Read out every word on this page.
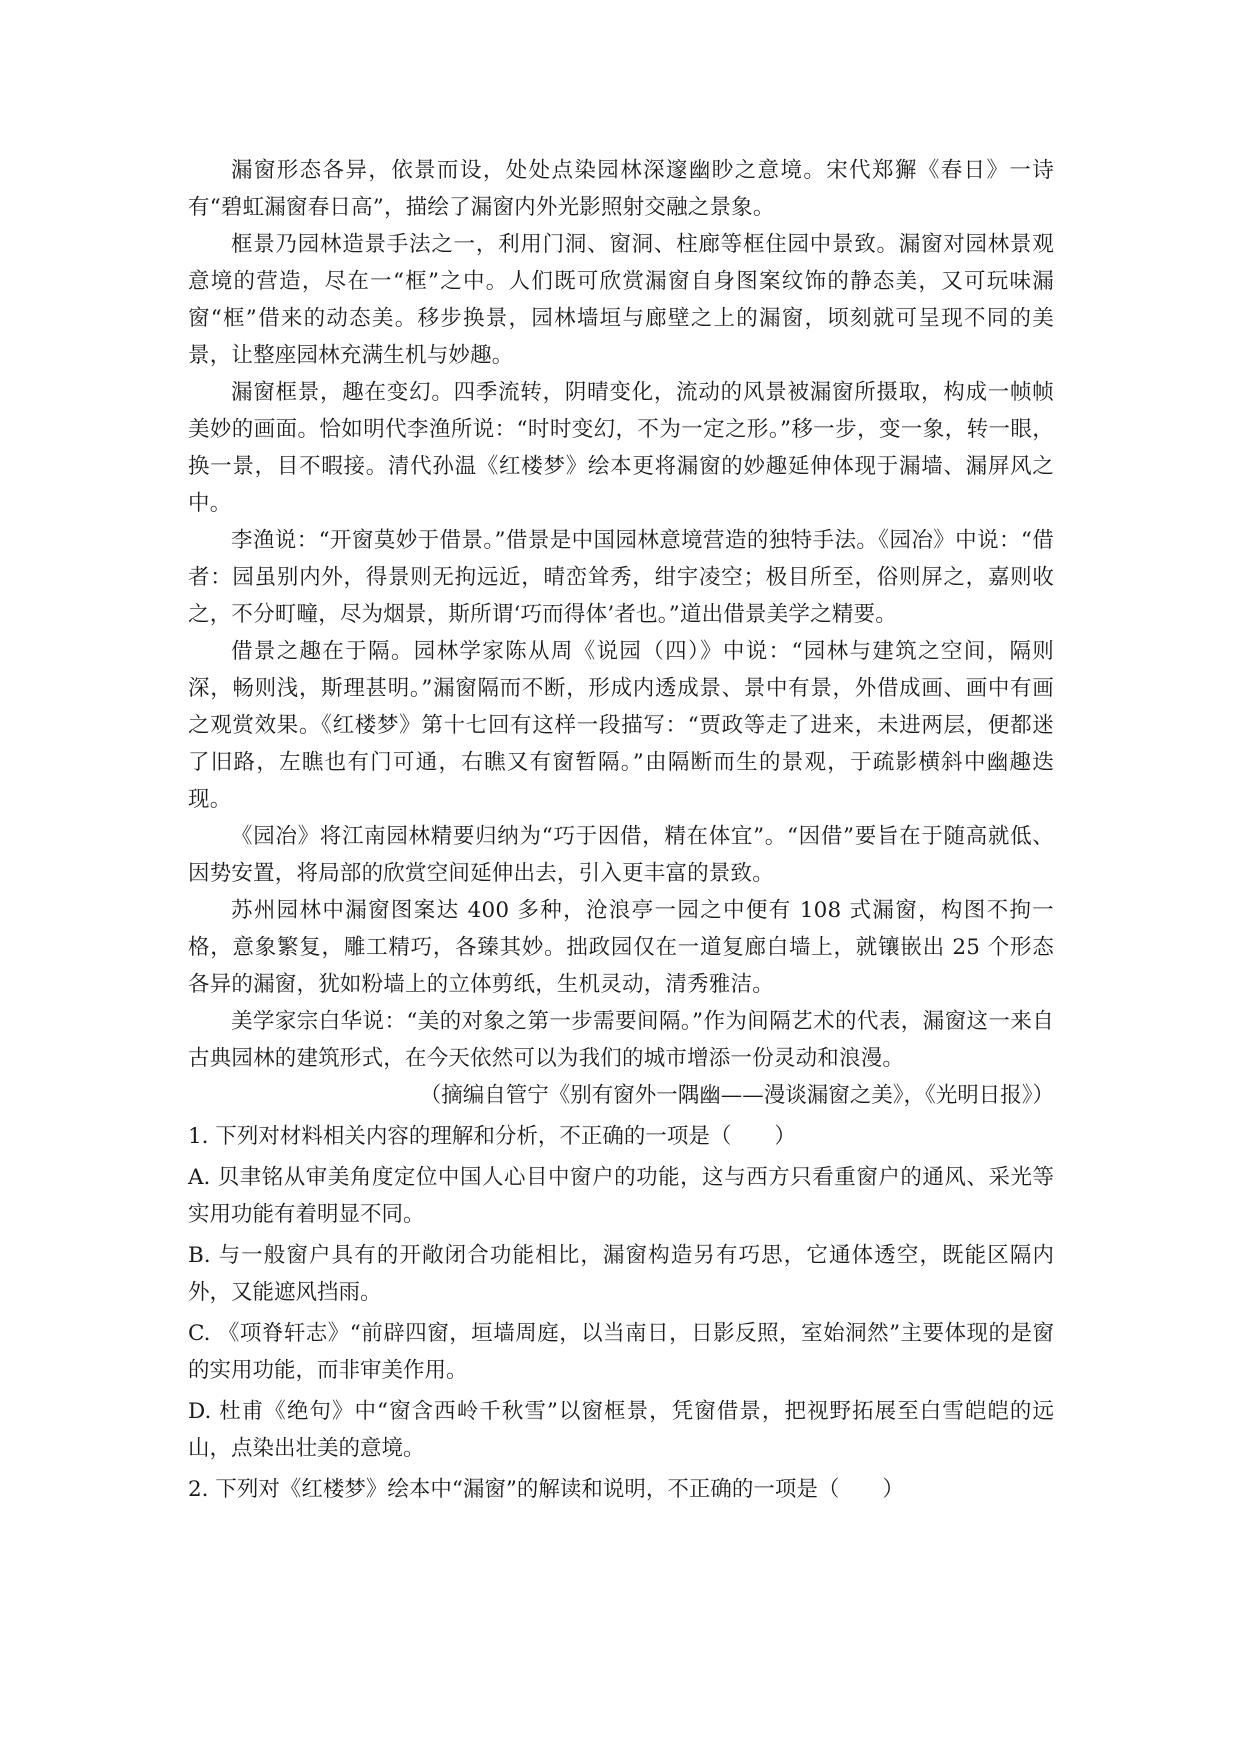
漏窗形态各异，依景而设，处处点染园林深邃幽眇之意境。宋代郑獬《春日》一诗有“碧虹漏窗春日高”，描绘了漏窗内外光影照射交融之景象。

框景乃园林造景手法之一，利用门洞、窗洞、柱廊等框住园中景致。漏窗对园林景观意境的营造，尽在一“框”之中。人们既可欣赏漏窗自身图案纹饰的静态美，又可玩味漏窗“框”借来的动态美。移步换景，园林墙垣与廊壁之上的漏窗，顷刻就可呈现不同的美景，让整座园林充满生机与妙趣。

漏窗框景，趣在变幻。四季流转，阴晴变化，流动的风景被漏窗所摄取，构成一帧帧美妙的画面。恰如明代李渔所说：“时时变幻，不为一定之形。”移一步，变一象，转一眼，换一景，目不暇接。清代孙温《红楼梦》绘本更将漏窗的妙趣延伸体现于漏墙、漏屏风之中。

李渔说：“开窗莫妙于借景。”借景是中国园林意境营造的独特手法。《园冶》中说：“借者：园虽别内外，得景则无拘远近，晴峦耸秀，绀宇凌空；极目所至，俗则屏之，嘉则收之，不分町疃，尽为烟景，斯所谓‘巧而得体’者也。”道出借景美学之精要。

借景之趣在于隔。园林学家陈从周《说园（四）》中说：“园林与建筑之空间，隔则深，畅则浅，斯理甚明。”漏窗隔而不断，形成内透成景、景中有景，外借成画、画中有画之观赏效果。《红楼梦》第十七回有这样一段描写：“贾政等走了进来，未进两层，便都迷了旧路，左瞧也有门可通，右瞧又有窗暂隔。”由隔断而生的景观，于疏影横斜中幽趣迭现。

《园冶》将江南园林精要归纳为“巧于因借，精在体宜”。“因借”要旨在于随高就低、因势安置，将局部的欣赏空间延伸出去，引入更丰富的景致。

苏州园林中漏窗图案达 400 多种，沧浪亭一园之中便有 108 式漏窗，构图不拘一格，意象繁复，雕工精巧，各臻其妙。拙政园仅在一道复廊白墙上，就镶嵌出 25 个形态各异的漏窗，犹如粉墙上的立体剪纸，生机灵动，清秀雅洁。

美学家宗白华说：“美的对象之第一步需要间隔。”作为间隔艺术的代表，漏窗这一来自古典园林的建筑形式，在今天依然可以为我们的城市增添一份灵动和浪漫。

（摘编自管宁《别有窗外一隅幽——漫谈漏窗之美》，《光明日报》）

1. 下列对材料相关内容的理解和分析，不正确的一项是（　　）

A. 贝聿铭从审美角度定位中国人心目中窗户的功能，这与西方只看重窗户的通风、采光等实用功能有着明显不同。

B. 与一般窗户具有的开敞闭合功能相比，漏窗构造另有巧思，它通体透空，既能区隔内外，又能遮风挡雨。

C. 《项脊轩志》“前辟四窗，垣墙周庭，以当南日，日影反照，室始洞然”主要体现的是窗的实用功能，而非审美作用。

D. 杜甫《绝句》中“窗含西岭千秋雪”以窗框景，凭窗借景，把视野拓展至白雪皑皑的远山，点染出壮美的意境。

2. 下列对《红楼梦》绘本中“漏窗”的解读和说明，不正确的一项是（　　）
